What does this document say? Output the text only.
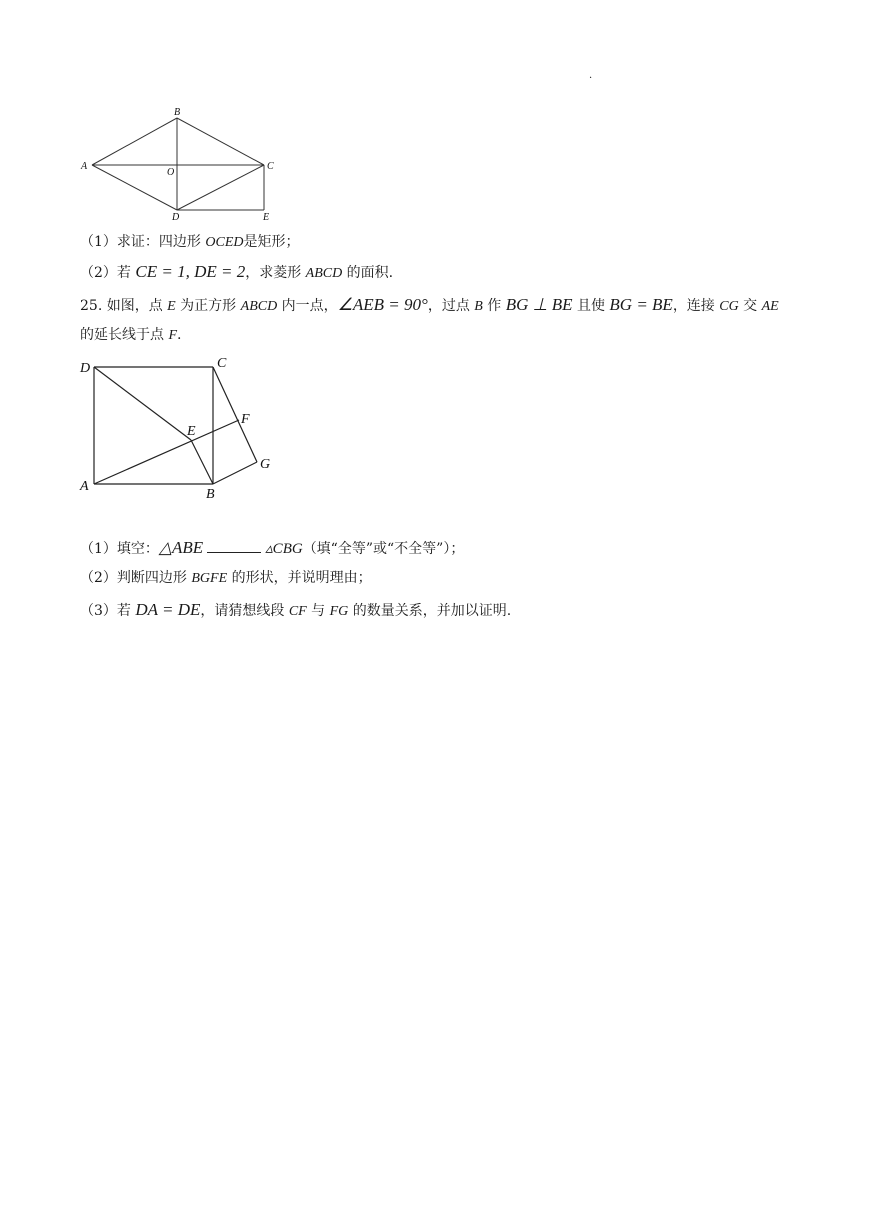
.
A
B
C
D	E
O
（1）求证：四边形 OCED是矩形；
（2）若 CE = 1, DE = 2，求菱形 ABCD 的面积.
25. 如图，点 E 为正方形 ABCD 内一点，∠AEB = 90°，过点 B 作 BG ⊥ BE 且使 BG = BE，连接 CG 交 AE
的延长线于点 F.
D	C
A
B
E
F
G
（1）填空：△ABE	▵CBG（填“全等”或“不全等”）；
（2）判断四边形 BGFE 的形状，并说明理由；
（3）若 DA = DE，请猜想线段 CF 与 FG 的数量关系，并加以证明.
